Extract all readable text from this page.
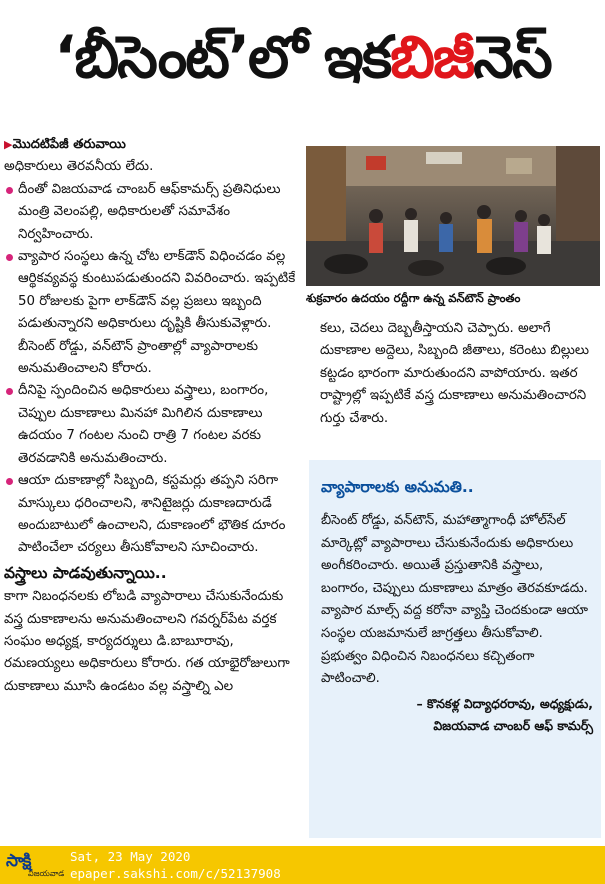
‘బీసెంట్’లో ఇక బిజీ నెస్
▶మొదటిపేజీ తరువాయి

అధికారులు తెరవనీయ లేదు.

దీంతో విజయవాడ చాంబర్ ఆఫ్‌కామర్స్ ప్రతినిధులు మంత్రి వెలంపల్లి, అధికారులతో సమావేశం నిర్వహించారు.

వ్యాపార సంస్థలు ఉన్న చోట లాక్‌డౌన్ విధించడం వల్ల ఆర్థికవ్యవస్థ కుంటుపడుతుందని వివరించారు. ఇప్పటికే 50 రోజులకు పైగా లాక్‌డౌన్ వల్ల ప్రజలు ఇబ్బంది పడుతున్నారని అధికారులు దృష్టికి తీసుకువెళ్లారు. బీసెంట్ రోడ్డు, వన్‌టౌన్ ప్రాంతాల్లో వ్యాపారాలకు అనుమతించాలని కోరారు.

దీనిపై స్పందించిన అధికారులు వస్త్రాలు, బంగారం, చెప్పుల దుకాణాలు మినహా మిగిలిన దుకాణాలు ఉదయం 7 గంటల నుంచి రాత్రి 7 గంటల వరకు తెరవడానికి అనుమతించారు.

ఆయా దుకాణాల్లో సిబ్బంది, కస్టమర్లు తప్పని సరిగా మాస్కులు ధరించాలని, శానిటైజర్లు దుకాణదారుడే అందుబాటులో ఉంచాలని, దుకాణంలో భౌతిక దూరం పాటించేలా చర్యలు తీసుకోవాలని సూచించారు.

వస్త్రాలు పాడవుతున్నాయి..

కాగా నిబంధనలకు లోబడి వ్యాపారాలు చేసుకునేందుకు వస్త్ర దుకాణాలను అనుమతించాలని గవర్నర్‌పేట వర్తక సంఘం అధ్యక్ష, కార్యదర్శులు డి.బాబూరావు, రమణయ్యలు అధికారులు కోరారు. గత యాభైరోజులుగా దుకాణాలు మూసి ఉండటం వల్ల వస్త్రాల్ని ఎల

శుక్రవారం ఉదయం రద్దీగా ఉన్న వన్‌టౌన్ ప్రాంతం

కలు, చెదలు దెబ్బతీస్తాయని చెప్పారు. అలాగే దుకాణాల అద్దెలు, సిబ్బంది జీతాలు, కరెంటు బిల్లులు కట్టడం భారంగా మారుతుందని వాపోయారు. ఇతర రాష్ట్రాల్లో ఇప్పటికే వస్త్ర దుకాణాలు అనుమతించారని గుర్తు చేశారు.

వ్యాపారాలకు అనుమతి..
బీసెంట్ రోడ్డు, వన్‌టౌన్, మహాత్మాగాంధీ హోల్‌సేల్ మార్కెట్లో వ్యాపారాలు చేసుకునేందుకు అధికారులు అంగీకరించారు. అయితే ప్రస్తుతానికి వస్త్రాలు, బంగారం, చెప్పులు దుకాణాలు మాత్రం తెరవకూడదు. వ్యాపార మాల్స్ వద్ద కరోనా వ్యాప్తి చెందకుండా ఆయా సంస్థల యజమానులే జాగ్రత్తలు తీసుకోవాలి. ప్రభుత్వం విధించిన నిబంధనలు కచ్చితంగా పాటించాలి.
– కొనకళ్ల విద్యాధరరావు, అధ్యక్షుడు,
విజయవాడ చాంబర్ ఆఫ్ కామర్స్
సాక్షి
విజయవాడ
Sat, 23 May 2020
epaper.sakshi.com/c/52137908
